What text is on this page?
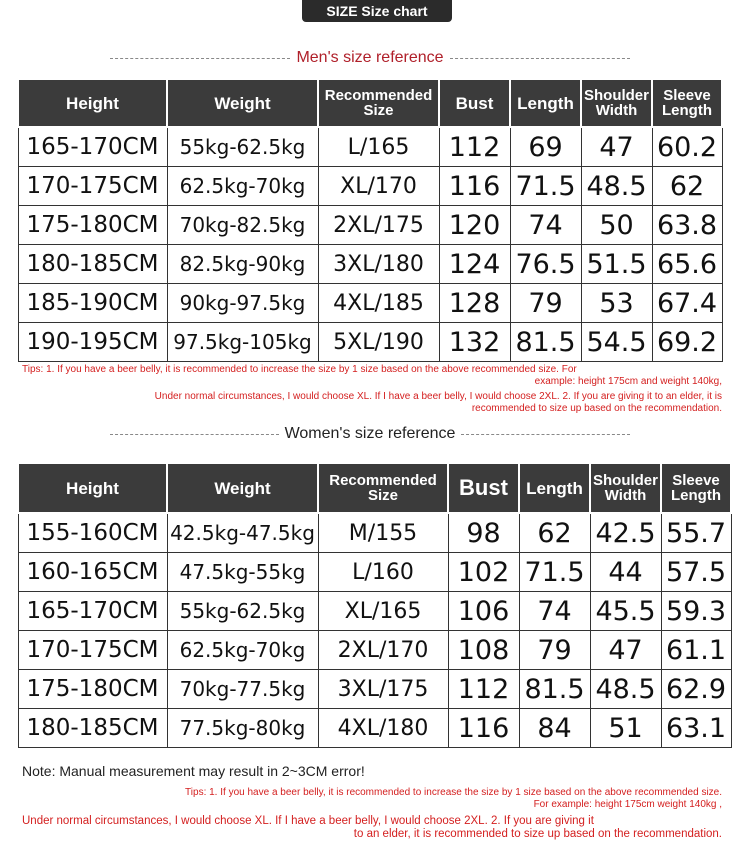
SIZE Size chart
Men's size reference
Height	Weight	Recommended Size	Bust	Length	Shoulder Width	Sleeve Length
165-170CM	55kg-62.5kg	L/165	112	69	47	60.2
170-175CM	62.5kg-70kg	XL/170	116	71.5	48.5	62
175-180CM	70kg-82.5kg	2XL/175	120	74	50	63.8
180-185CM	82.5kg-90kg	3XL/180	124	76.5	51.5	65.6
185-190CM	90kg-97.5kg	4XL/185	128	79	53	67.4
190-195CM	97.5kg-105kg	5XL/190	132	81.5	54.5	69.2
Tips: 1. If you have a beer belly, it is recommended to increase the size by 1 size based on the above recommended size. For
example: height 175cm and weight 140kg,
Under normal circumstances, I would choose XL. If I have a beer belly, I would choose 2XL. 2. If you are giving it to an elder, it is
recommended to size up based on the recommendation.
Women's size reference
Height	Weight	Recommended Size	Bust	Length	Shoulder Width	Sleeve Length
155-160CM	42.5kg-47.5kg	M/155	98	62	42.5	55.7
160-165CM	47.5kg-55kg	L/160	102	71.5	44	57.5
165-170CM	55kg-62.5kg	XL/165	106	74	45.5	59.3
170-175CM	62.5kg-70kg	2XL/170	108	79	47	61.1
175-180CM	70kg-77.5kg	3XL/175	112	81.5	48.5	62.9
180-185CM	77.5kg-80kg	4XL/180	116	84	51	63.1
Note: Manual measurement may result in 2~3CM error!
Tips: 1. If you have a beer belly, it is recommended to increase the size by 1 size based on the above recommended size.
For example: height 175cm weight 140kg ,
Under normal circumstances, I would choose XL. If I have a beer belly, I would choose 2XL. 2. If you are giving it
to an elder, it is recommended to size up based on the recommendation.
